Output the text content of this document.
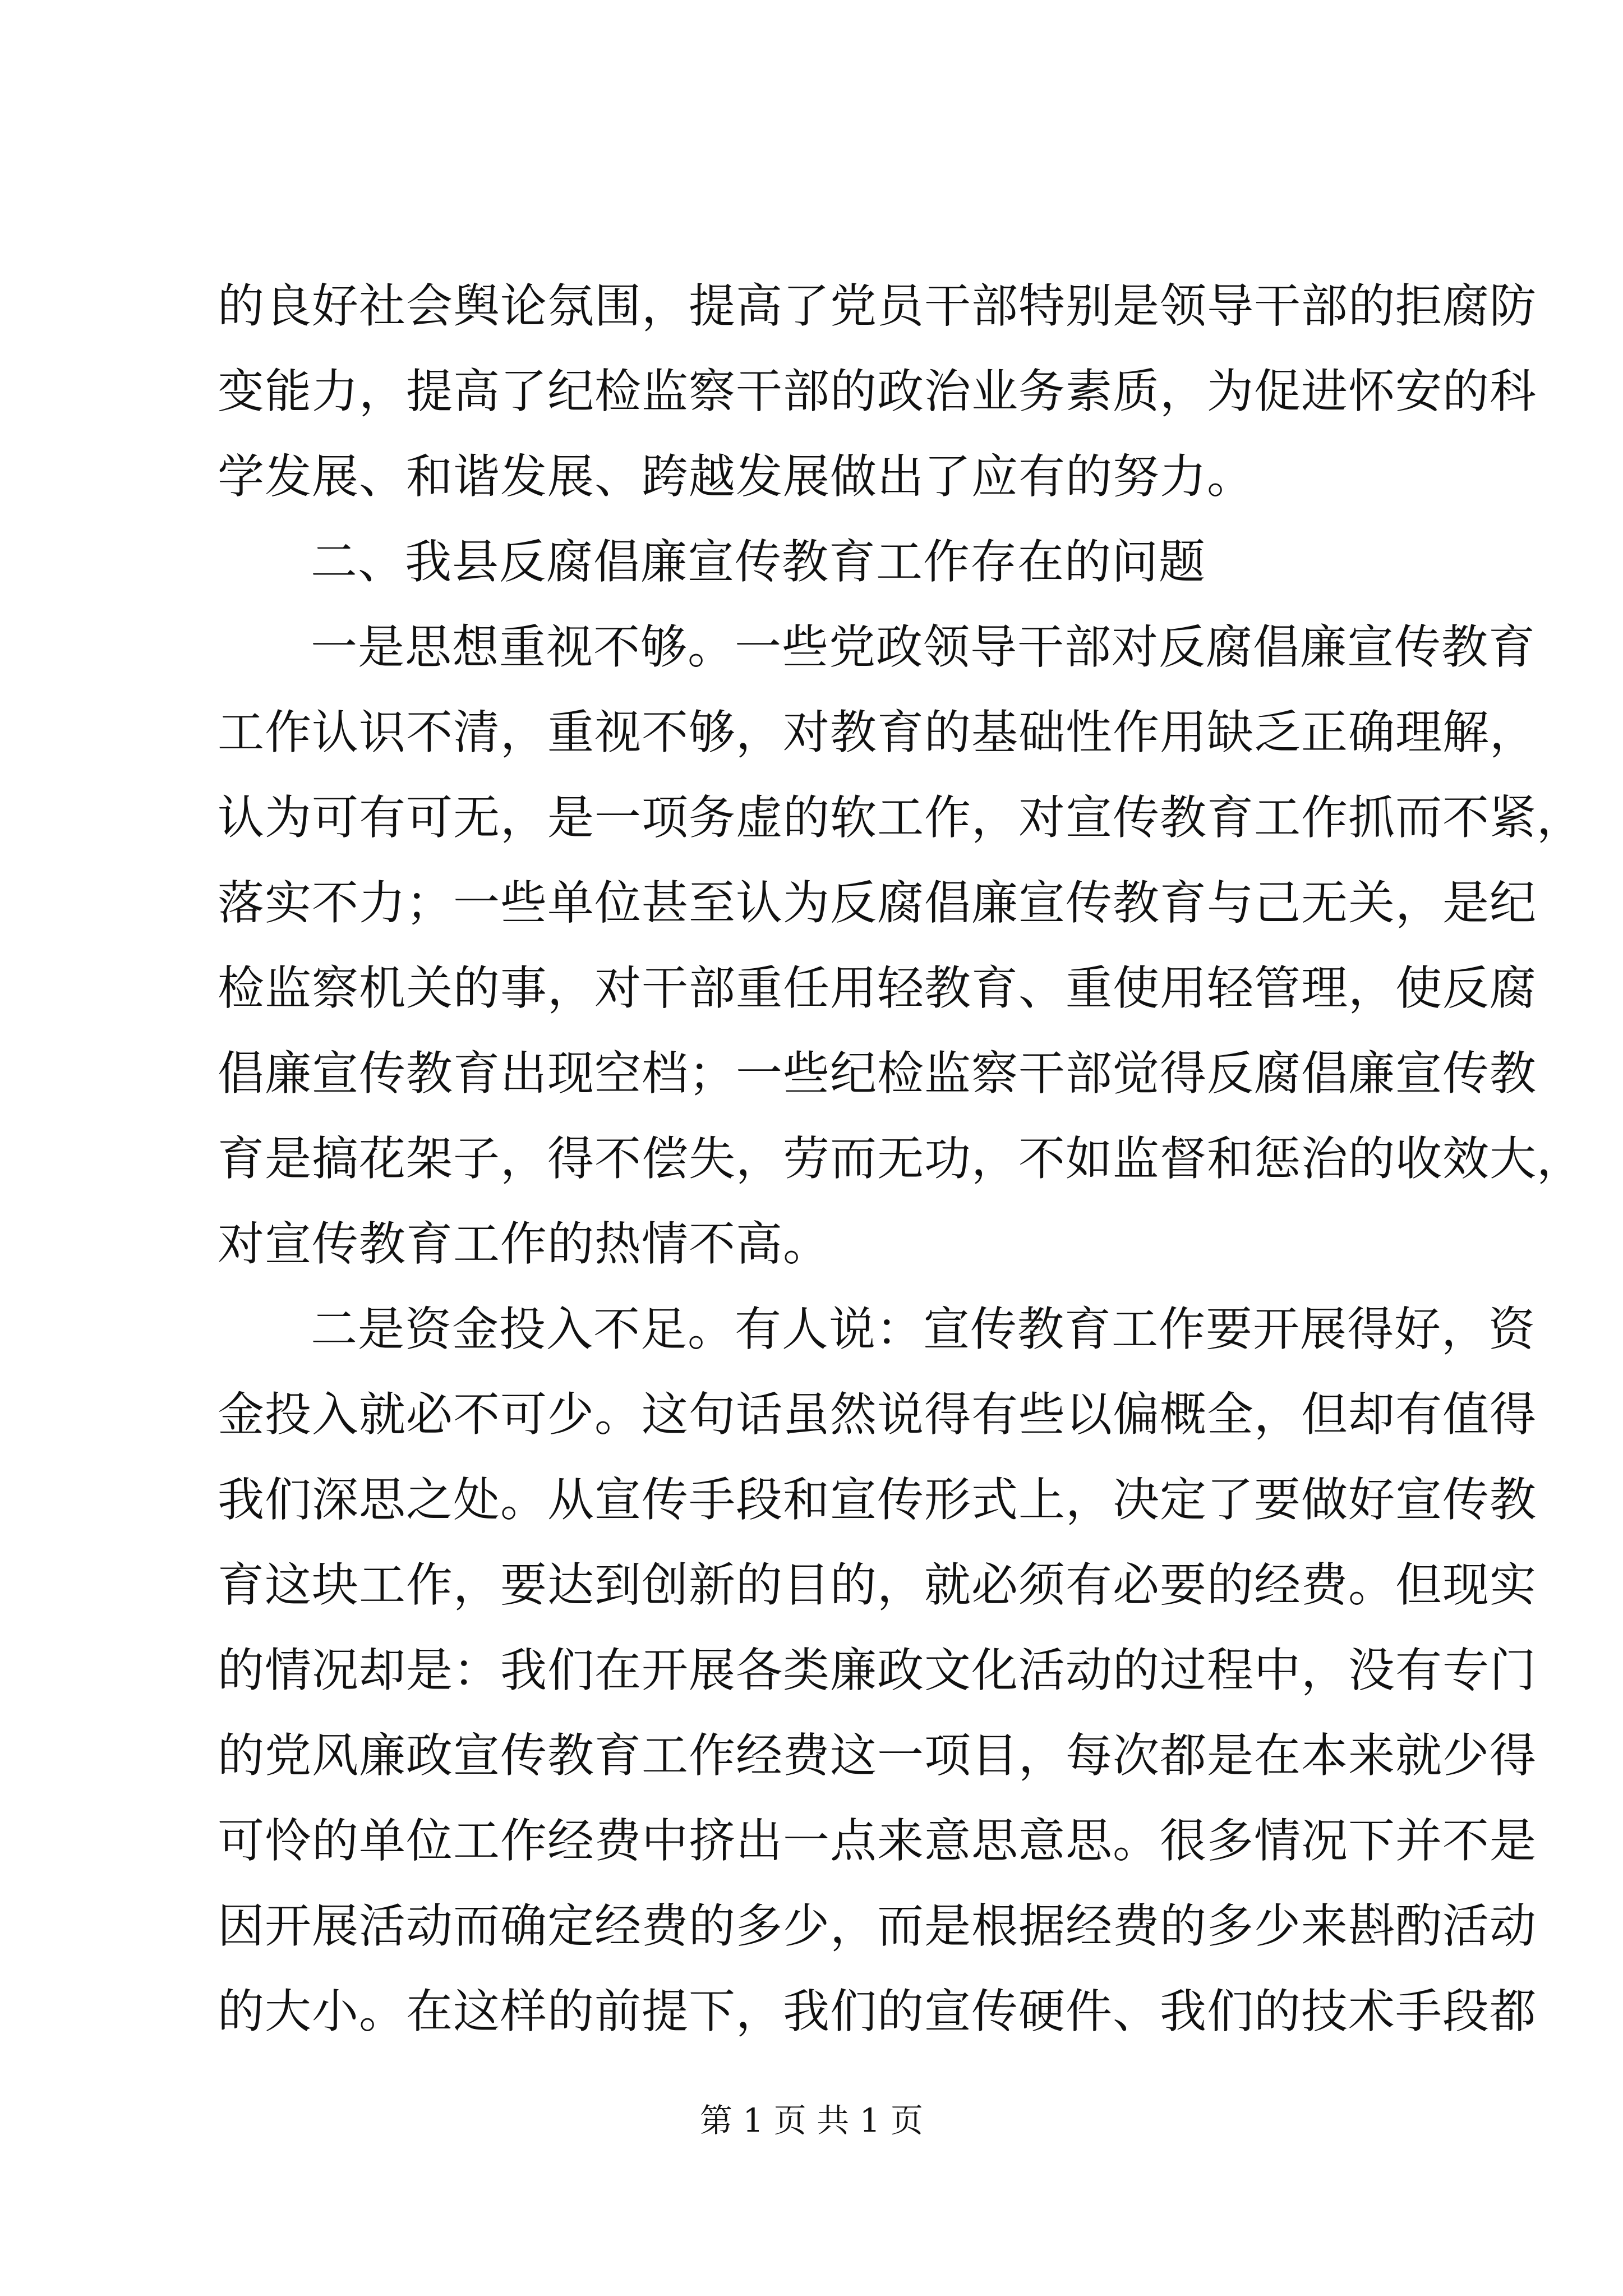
的良好社会舆论氛围，提高了党员干部特别是领导干部的拒腐防
变能力，提高了纪检监察干部的政治业务素质，为促进怀安的科
学发展、和谐发展、跨越发展做出了应有的努力。
二、我县反腐倡廉宣传教育工作存在的问题
一是思想重视不够。一些党政领导干部对反腐倡廉宣传教育
工作认识不清，重视不够，对教育的基础性作用缺乏正确理解，
认为可有可无，是一项务虚的软工作，对宣传教育工作抓而不紧，
落实不力；一些单位甚至认为反腐倡廉宣传教育与己无关，是纪
检监察机关的事，对干部重任用轻教育、重使用轻管理，使反腐
倡廉宣传教育出现空档；一些纪检监察干部觉得反腐倡廉宣传教
育是搞花架子，得不偿失，劳而无功，不如监督和惩治的收效大，
对宣传教育工作的热情不高。
二是资金投入不足。有人说：宣传教育工作要开展得好，资
金投入就必不可少。这句话虽然说得有些以偏概全，但却有值得
我们深思之处。从宣传手段和宣传形式上，决定了要做好宣传教
育这块工作，要达到创新的目的，就必须有必要的经费。但现实
的情况却是：我们在开展各类廉政文化活动的过程中，没有专门
的党风廉政宣传教育工作经费这一项目，每次都是在本来就少得
可怜的单位工作经费中挤出一点来意思意思。很多情况下并不是
因开展活动而确定经费的多少，而是根据经费的多少来斟酌活动
的大小。在这样的前提下，我们的宣传硬件、我们的技术手段都
第 1 页 共 1 页
